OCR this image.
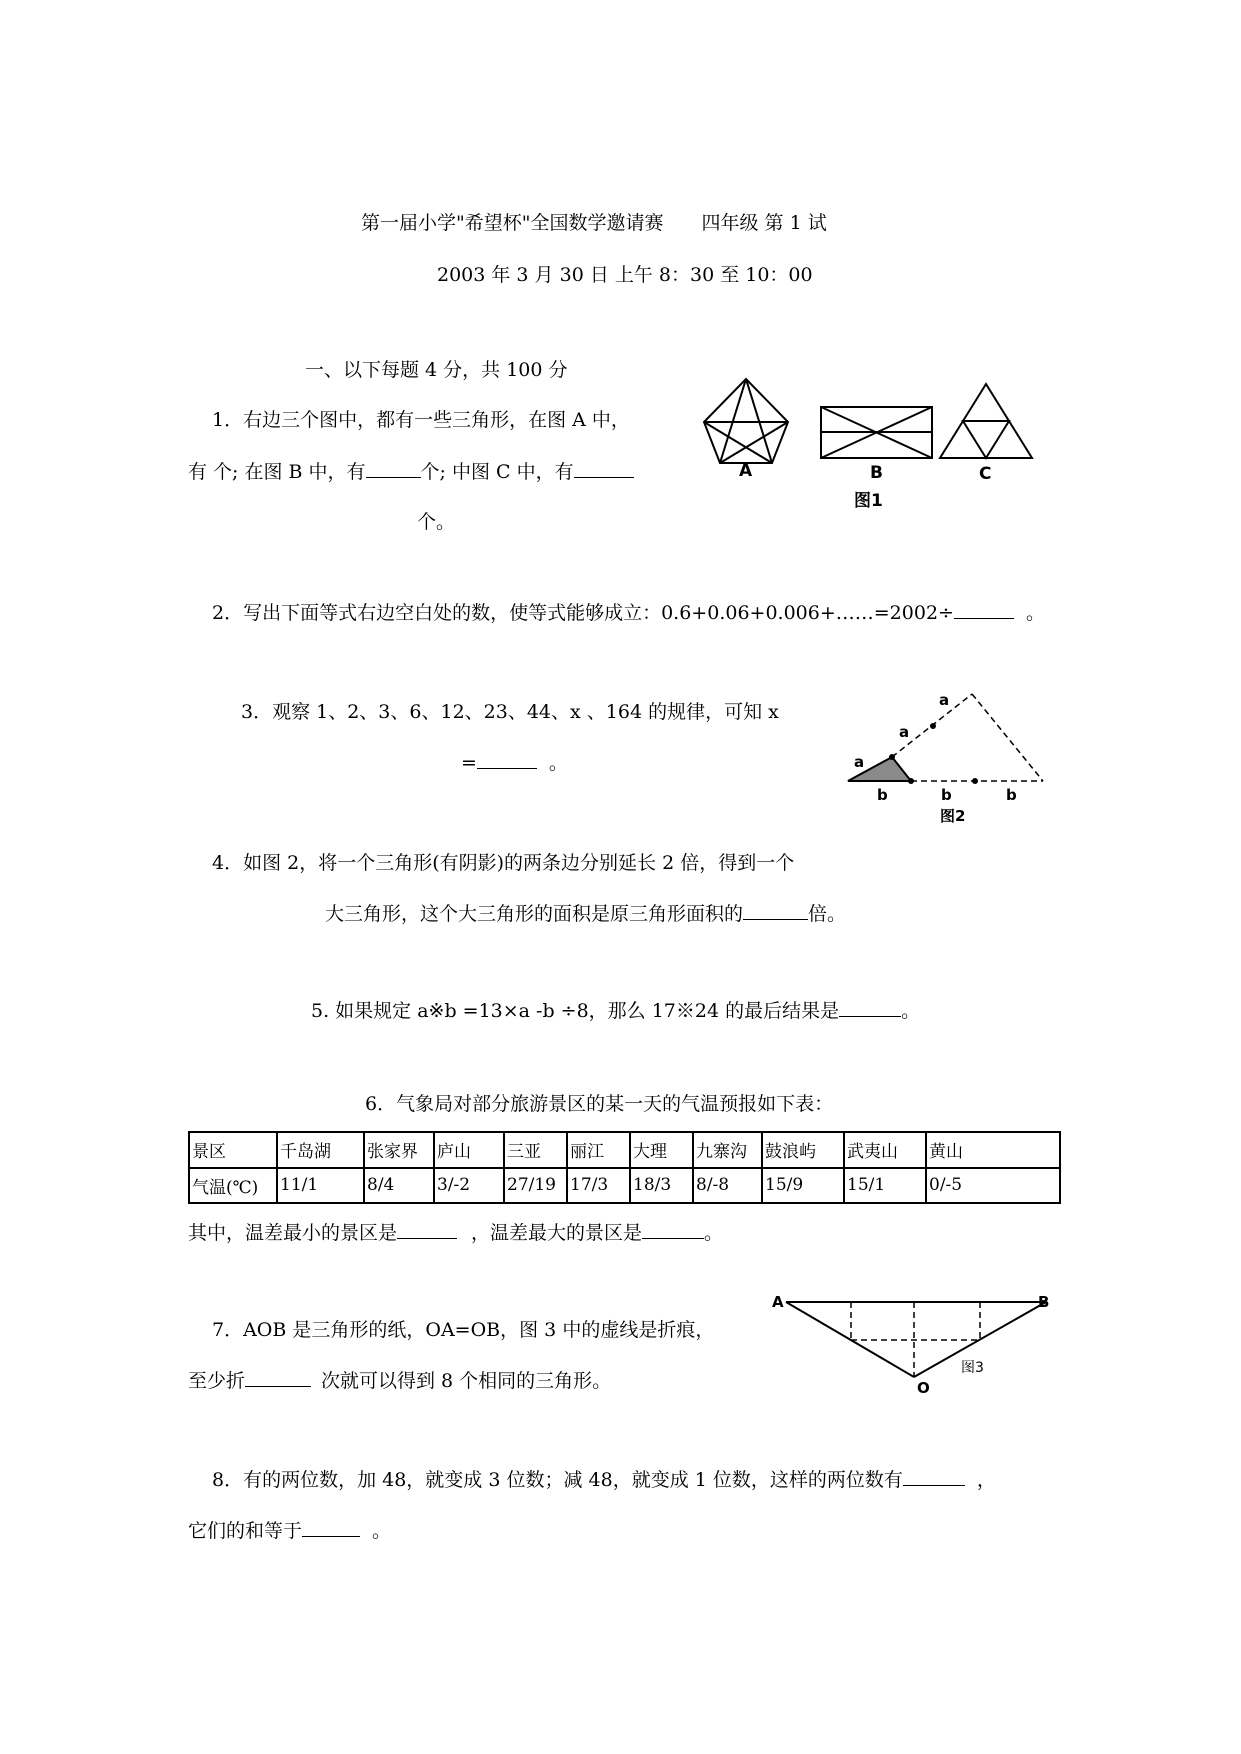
第一届小学"希望杯"全国数学邀请赛 四年级 第 1 试
2003 年 3 月 30 日 上午 8：30 至 10：00
一、以下每题 4 分，共 100 分
1．右边三个图中，都有一些三角形，在图 A 中，
有 个; 在图 B 中，有	个; 中图 C 中，有
个。
A	B	C
图1
2．写出下面等式右边空白处的数，使等式能够成立：0.6+0.06+0.006+……=2002÷	。
3．观察 1、2、3、6、12、23、44、x 、164 的规律，可知 x
=	。	a
a
a
b	b	b
图2
4．如图 2，将一个三角形(有阴影)的两条边分别延长 2 倍，得到一个
大三角形，这个大三角形的面积是原三角形面积的	倍。
5. 如果规定 a※b =13×a -b ÷8，那么 17※24 的最后结果是	。
6．气象局对部分旅游景区的某一天的气温预报如下表：
景区	千岛湖	张家界	庐山	三亚	丽江	大理	九寨沟	鼓浪屿	武夷山	黄山
气温(℃)	11/1	8/4	3/-2	27/19	17/3	18/3	8/-8	15/9	15/1	0/-5
其中，温差最小的景区是	，温差最大的景区是	。
7．AOB 是三角形的纸，OA=OB，图 3 中的虚线是折痕，
至少折	次就可以得到 8 个相同的三角形。
A	B
O
图3
8．有的两位数，加 48，就变成 3 位数；减 48，就变成 1 位数，这样的两位数有	，
它们的和等于	。
